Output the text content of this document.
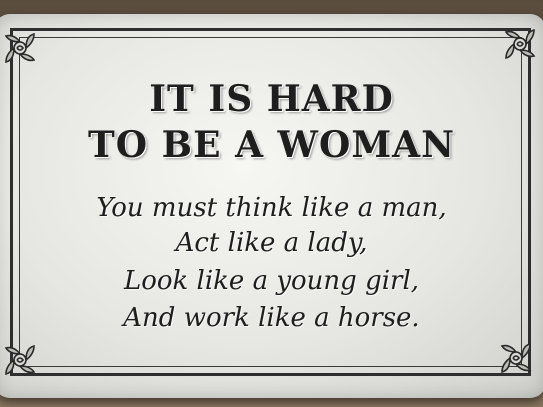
IT IS HARD
TO BE A WOMAN
You must think like a man,
Act like a lady,
Look like a young girl,
And work like a horse.
